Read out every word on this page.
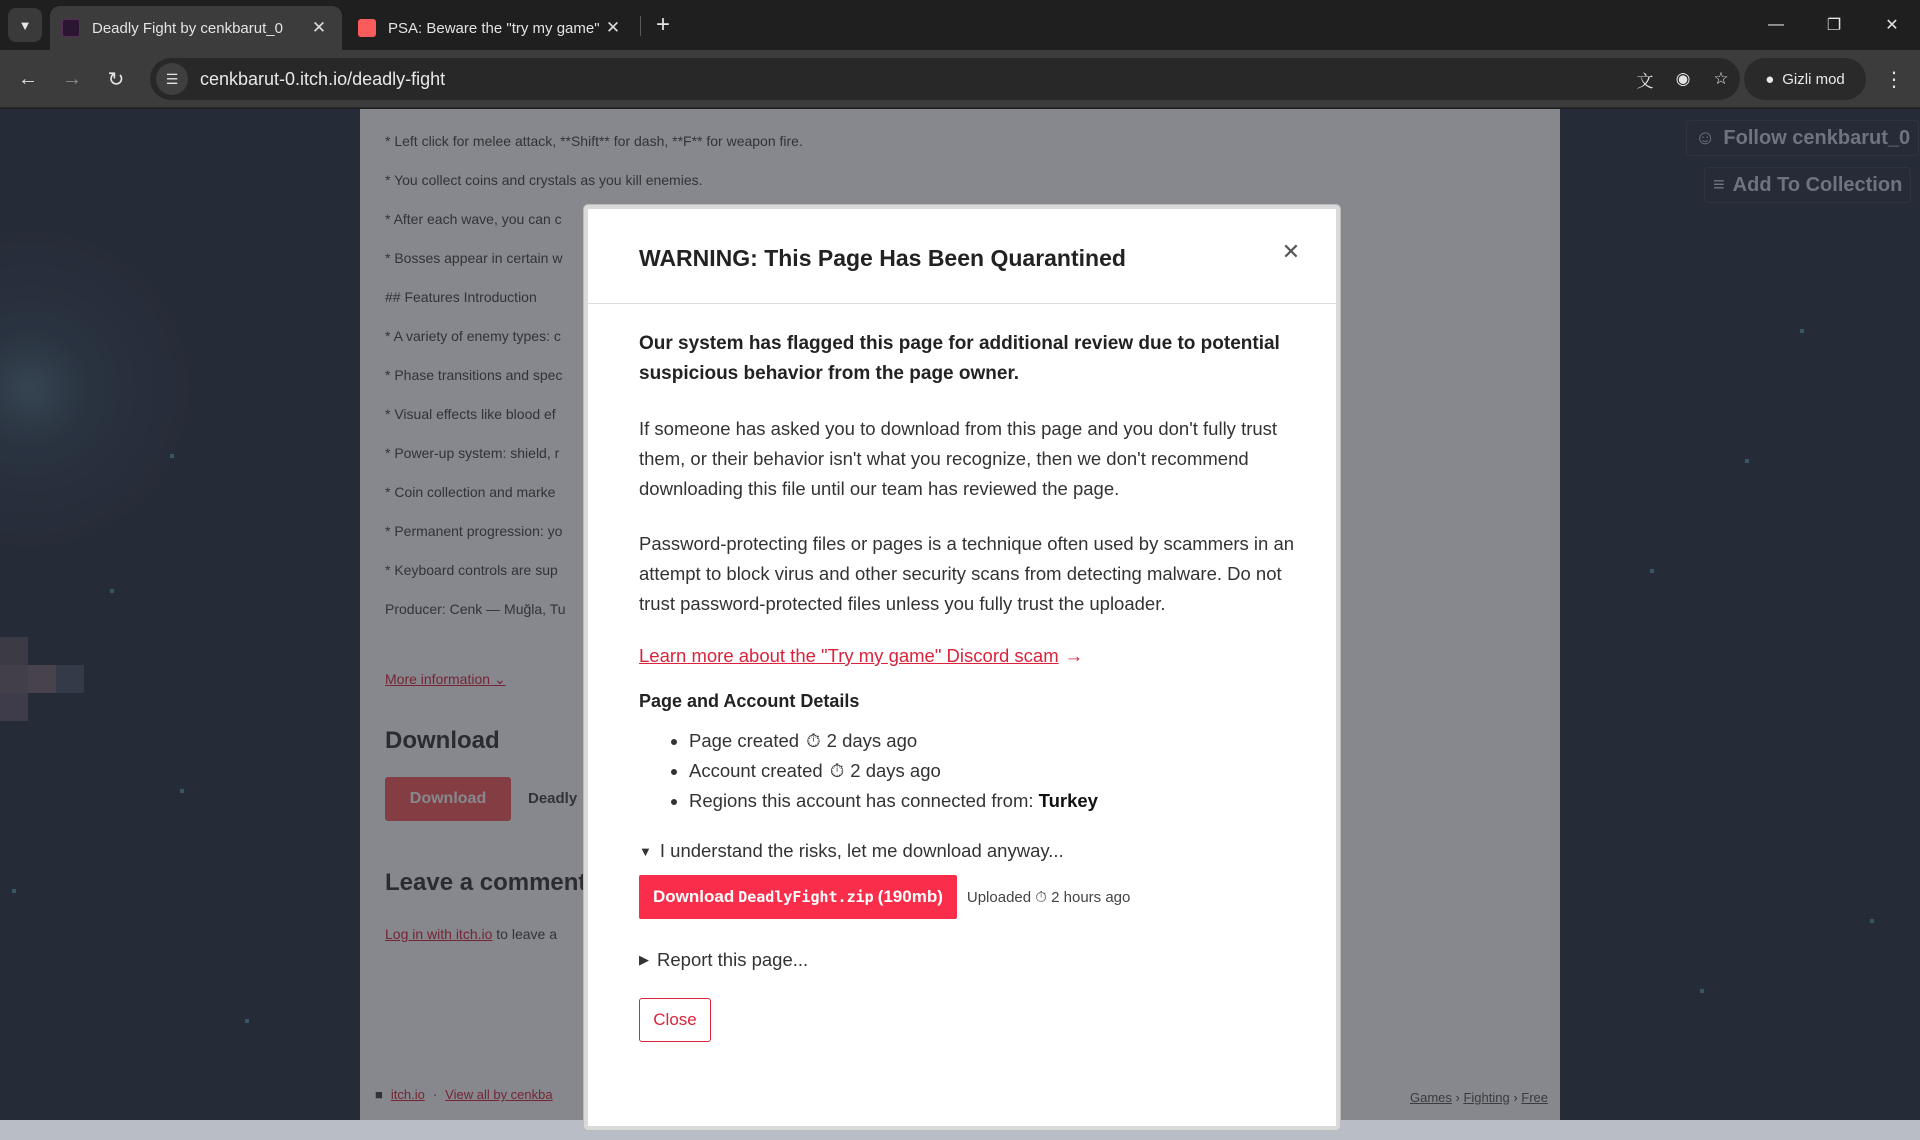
▼	Deadly Fight by cenkbarut_0	✕	PSA: Beware the "try my game" ✕	+	—	❐	✕
←	→	↻	☰	cenkbarut-0.itch.io/deadly-fight	文	◉	☆	● Gizli mod	⋮
WARNING: This Page Has Been Quarantined	✕
Our system has flagged this page for additional review due to potential suspicious behavior from the page owner.
If someone has asked you to download from this page and you don't fully trust them, or their behavior isn't what you recognize, then we don't recommend downloading this file until our team has reviewed the page.
Password-protecting files or pages is a technique often used by scammers in an attempt to block virus and other security scans from detecting malware. Do not trust password-protected files unless you fully trust the uploader.
Learn more about the "Try my game" Discord scam →
Page and Account Details
• Page created ⏱ 2 days ago
• Account created ⏱ 2 days ago
• Regions this account has connected from: Turkey
▼ I understand the risks, let me download anyway...
Download DeadlyFight.zip (190mb) Uploaded ⏱ 2 hours ago
▶ Report this page...
Close
